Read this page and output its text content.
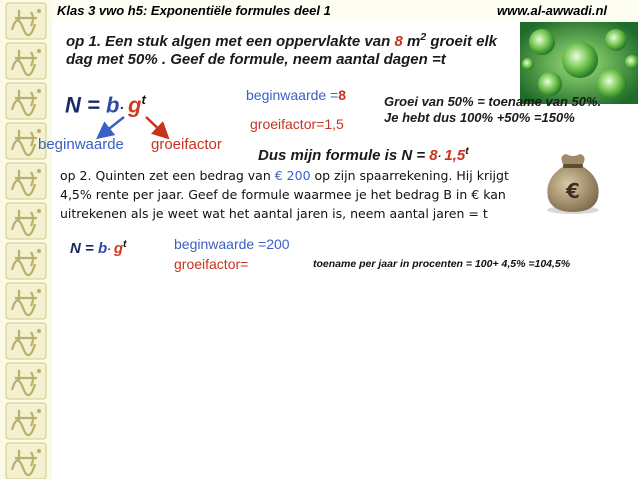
Klas 3 vwo h5: Exponentiële formules deel 1	www.al-awwadi.nl
op 1. Een stuk algen met een oppervlakte van 8 $m^2$ groeit elk
dag met 50% . Geef de formule, neem aantal dagen =t
$N = b\cdot g^t$
beginwaarde groeifactor
beginwaarde =8
groeifactor=1,5
Groei van 50% = toename van 50%.
Je hebt dus 100% +50% =150%
Dus mijn formule is $N = 8\cdot 1,5^t$
€
op 2. Quinten zet een bedrag van € 200 op zijn spaarrekening. Hij krijgt
4,5% rente per jaar. Geef de formule waarmee je het bedrag B in € kan
uitrekenen als je weet wat het aantal jaren is, neem aantal jaren = t
$N = b\cdot g^t$	beginwaarde =200
groeifactor=	toename per jaar in procenten = 100+ 4,5% =104,5%
